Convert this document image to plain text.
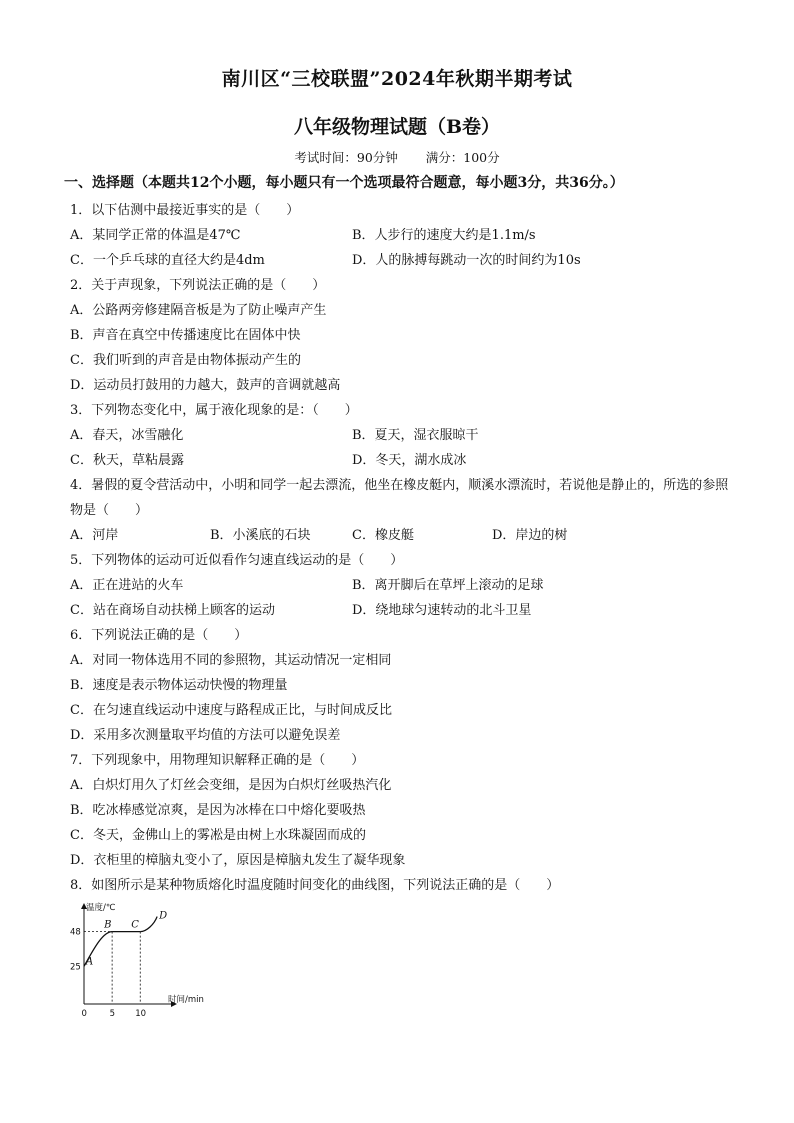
南川区“三校联盟”2024年秋期半期考试
八年级物理试题（B卷）
考试时间：90分钟 满分：100分
一、选择题（本题共12个小题，每小题只有一个选项最符合题意，每小题3分，共36分。）
1．以下估测中最接近事实的是（　　）
A．某同学正常的体温是47℃	B．人步行的速度大约是1.1m/s
C．一个乒乓球的直径大约是4dm	D．人的脉搏每跳动一次的时间约为10s
2．关于声现象，下列说法正确的是（　　）
A．公路两旁修建隔音板是为了防止噪声产生
B．声音在真空中传播速度比在固体中快
C．我们听到的声音是由物体振动产生的
D．运动员打鼓用的力越大，鼓声的音调就越高
3．下列物态变化中，属于液化现象的是：（　　）
A．春天，冰雪融化	B．夏天，湿衣服晾干
C．秋天，草粘晨露	D．冬天，湖水成冰
4．暑假的夏令营活动中，小明和同学一起去漂流，他坐在橡皮艇内，顺溪水漂流时，若说他是静止的，所选的参照物是（　　）
A．河岸	B．小溪底的石块	C．橡皮艇	D．岸边的树
5．下列物体的运动可近似看作匀速直线运动的是（　　）
A．正在进站的火车	B．离开脚后在草坪上滚动的足球
C．站在商场自动扶梯上顾客的运动	D．绕地球匀速转动的北斗卫星
6．下列说法正确的是（　　）
A．对同一物体选用不同的参照物，其运动情况一定相同
B．速度是表示物体运动快慢的物理量
C．在匀速直线运动中速度与路程成正比，与时间成反比
D．采用多次测量取平均值的方法可以避免误差
7．下列现象中，用物理知识解释正确的是（　　）
A．白炽灯用久了灯丝会变细，是因为白炽灯丝吸热汽化
B．吃冰棒感觉凉爽，是因为冰棒在口中熔化要吸热
C．冬天，金佛山上的雾凇是由树上水珠凝固而成的
D．衣柜里的樟脑丸变小了，原因是樟脑丸发生了凝华现象
8．如图所示是某种物质熔化时温度随时间变化的曲线图，下列说法正确的是（　　）
A
B C
D
25
48
0	5 10
温度/℃
时间/min
